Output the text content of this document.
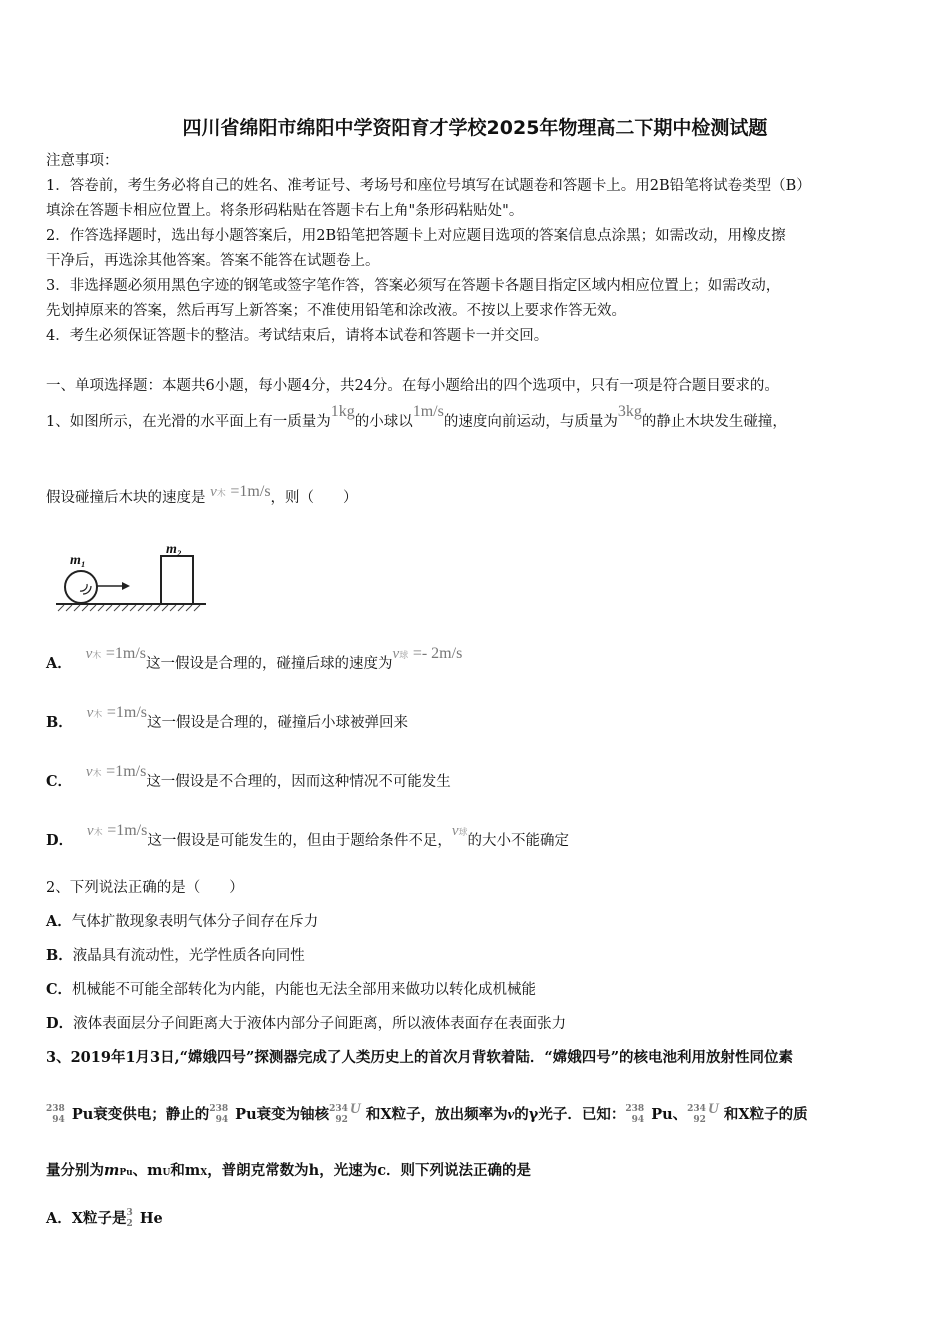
四川省绵阳市绵阳中学资阳育才学校2025年物理高二下期中检测试题
注意事项：
1．答卷前，考生务必将自己的姓名、准考证号、考场号和座位号填写在试题卷和答题卡上。用2B铅笔将试卷类型（B）
填涂在答题卡相应位置上。将条形码粘贴在答题卡右上角"条形码粘贴处"。
2．作答选择题时，选出每小题答案后，用2B铅笔把答题卡上对应题目选项的答案信息点涂黑；如需改动，用橡皮擦
干净后，再选涂其他答案。答案不能答在试题卷上。
3．非选择题必须用黑色字迹的钢笔或签字笔作答，答案必须写在答题卡各题目指定区域内相应位置上；如需改动，
先划掉原来的答案，然后再写上新答案；不准使用铅笔和涂改液。不按以上要求作答无效。
4．考生必须保证答题卡的整洁。考试结束后，请将本试卷和答题卡一并交回。
一、单项选择题：本题共6小题，每小题4分，共24分。在每小题给出的四个选项中，只有一项是符合题目要求的。
1、如图所示，在光滑的水平面上有一质量为1kg的小球以1m/s的速度向前运动，与质量为3kg的静止木块发生碰撞，
假设碰撞后木块的速度是 v木 =1m/s，则（　　）
m₁
m₂
A．   v木 =1m/s这一假设是合理的，碰撞后球的速度为v球 =- 2m/s
B．   v木 =1m/s这一假设是合理的，碰撞后小球被弹回来
C．   v木 =1m/s这一假设是不合理的，因而这种情况不可能发生
D．   v木 =1m/s这一假设是可能发生的，但由于题给条件不足，v球的大小不能确定
2、下列说法正确的是（　　）
A．气体扩散现象表明气体分子间存在斥力
B．液晶具有流动性，光学性质各向同性
C．机械能不可能全部转化为内能，内能也无法全部用来做功以转化成机械能
D．液体表面层分子间距离大于液体内部分子间距离，所以液体表面存在表面张力
3、2019年1月3日,“嫦娥四号”探测器完成了人类历史上的首次月背软着陆．“嫦娥四号”的核电池利用放射性同位素
238
94 Pu衰变供电；静止的238
94 Pu衰变为铀核234
92U 和X粒子，放出频率为ν的γ光子．已知：238
94 Pu、234
92U 和X粒子的质
量分别为mPu、mU和mX，普朗克常数为h，光速为c．则下列说法正确的是
A．X粒子是3
2 He
